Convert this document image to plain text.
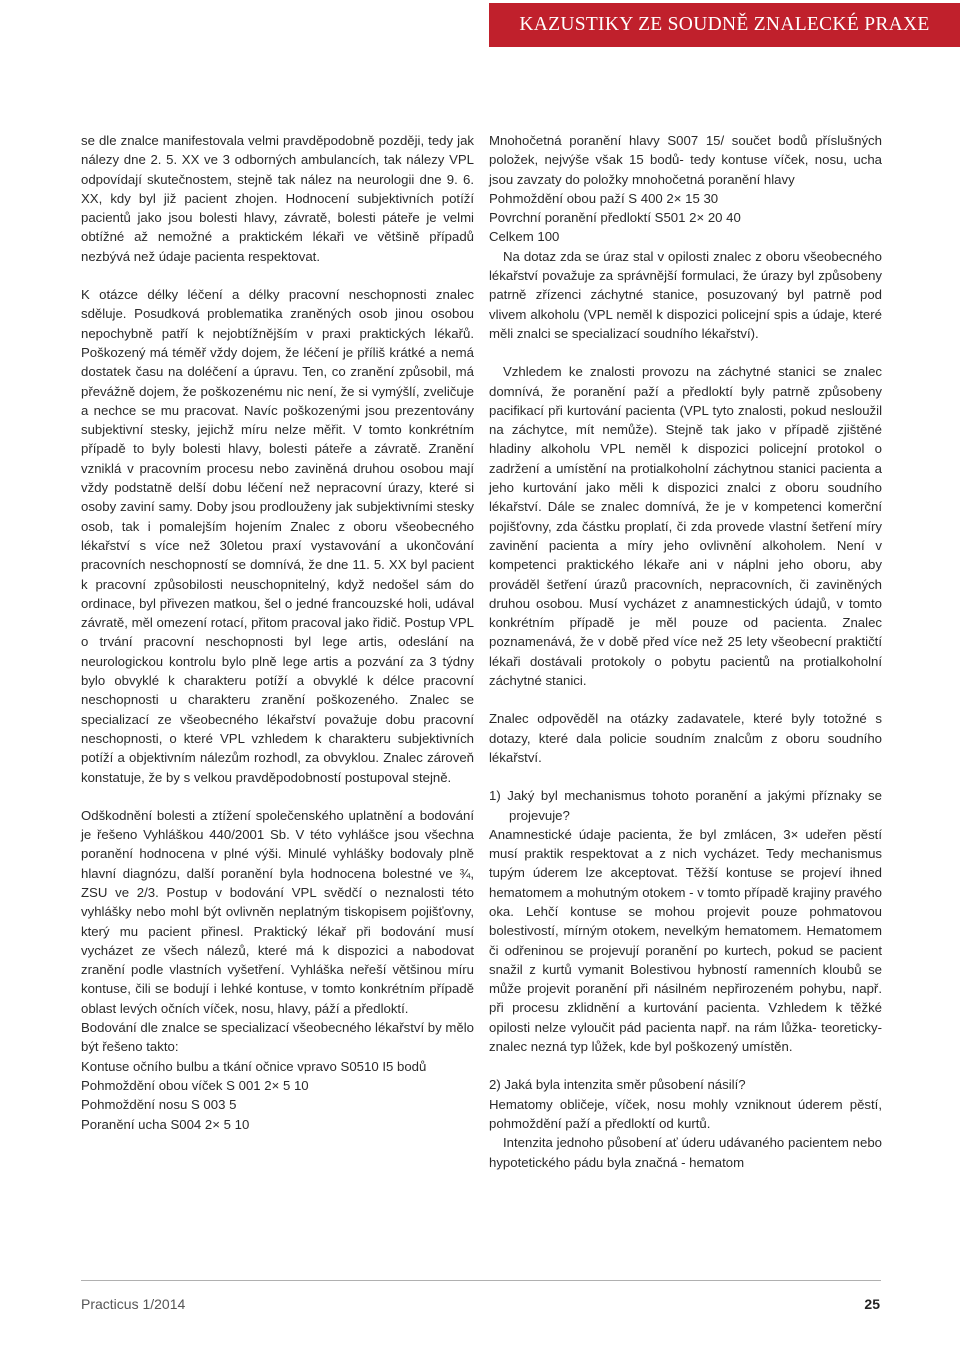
KAZUSTIKY ZE SOUDNĚ ZNALECKÉ PRAXE

se dle znalce manifestovala velmi pravděpodobně později, tedy jak nálezy dne 2. 5. XX ve 3 odborných ambulancích, tak nálezy VPL odpovídají skutečnostem, stejně tak nález na neurologii dne 9. 6. XX, kdy byl již pacient zhojen. Hodnocení subjektivních potíží pacientů jako jsou bolesti hlavy, závratě, bolesti páteře je velmi obtížné až nemožné a praktickém lékaři ve většině případů nezbývá než údaje pacienta respektovat.

K otázce délky léčení a délky pracovní neschopnosti znalec sděluje. Posudková problematika zraněných osob jinou osobou nepochybně patří k nejobtížnějším v praxi praktických lékařů. Poškozený má téměř vždy dojem, že léčení je příliš krátké a nemá dostatek času na doléčení a úpravu. Ten, co zranění způsobil, má převážně dojem, že poškozenému nic není, že si vymýšlí, zveličuje a nechce se mu pracovat. Navíc poškozenými jsou prezentovány subjektivní stesky, jejichž míru nelze měřit. V tomto konkrétním případě to byly bolesti hlavy, bolesti páteře a závratě. Zranění vzniklá v pracovním procesu nebo zaviněná druhou osobou mají vždy podstatně delší dobu léčení než nepracovní úrazy, které si osoby zaviní samy. Doby jsou prodlouženy jak subjektivními stesky osob, tak i pomalejším hojením Znalec z oboru všeobecného lékařství s více než 30letou praxí vystavování a ukončování pracovních neschopností se domnívá, že dne 11. 5. XX byl pacient k pracovní způsobilosti neuschopnitelný, když nedošel sám do ordinace, byl přivezen matkou, šel o jedné francouzské holi, udával závratě, měl omezení rotací, přitom pracoval jako řidič. Postup VPL o trvání pracovní neschopnosti byl lege artis, odeslání na neurologickou kontrolu bylo plně lege artis a pozvání za 3 týdny bylo obvyklé k charakteru potíží a obvyklé k délce pracovní neschopnosti u charakteru zranění poškozeného. Znalec se specializací ze všeobecného lékařství považuje dobu pracovní neschopnosti, o které VPL vzhledem k charakteru subjektivních potíží a objektivním nálezům rozhodl, za obvyklou. Znalec zároveň konstatuje, že by s velkou pravděpodobností postupoval stejně.

Odškodnění bolesti a ztížení společenského uplatnění a bodování je řešeno Vyhláškou 440/2001 Sb. V této vyhlášce jsou všechna poranění hodnocena v plné výši. Minulé vyhlášky bodovaly plně hlavní diagnózu, další poranění byla hodnocena bolestné ve ¾, ZSU ve 2/3. Postup v bodování VPL svědčí o neznalosti této vyhlášky nebo mohl být ovlivněn neplatným tiskopisem pojišťovny, který mu pacient přinesl. Praktický lékař při bodování musí vycházet ze všech nálezů, které má k dispozici a nabodovat zranění podle vlastních vyšetření. Vyhláška neřeší většinou míru kontuse, čili se bodují i lehké kontuse, v tomto konkrétním případě oblast levých očních víček, nosu, hlavy, páží a předloktí.

Bodování dle znalce se specializací všeobecného lékařství by mělo být řešeno takto:

Kontuse očního bulbu a tkání očnice vpravo S0510 I5 bodů

Pohmoždění obou víček S 001 2× 5 10

Pohmoždění nosu S 003 5

Poranění ucha S004 2× 5 10

Mnohočetná poranění hlavy S007 15/ součet bodů příslušných položek, nejvýše však 15 bodů- tedy kontuse víček, nosu, ucha jsou zavzaty do položky mnohočetná poranění hlavy

Pohmoždění obou paží S 400 2× 15 30

Povrchní poranění předloktí S501 2× 20 40

Celkem 100

Na dotaz zda se úraz stal v opilosti znalec z oboru všeobecného lékařství považuje za správnější formulaci, že úrazy byl způsobeny patrně zřízenci záchytné stanice, posuzovaný byl patrně pod vlivem alkoholu (VPL neměl k dispozici policejní spis a údaje, které měli znalci se specializací soudního lékařství).

Vzhledem ke znalosti provozu na záchytné stanici se znalec domnívá, že poranění paží a předloktí byly patrně způsobeny pacifikací při kurtování pacienta (VPL tyto znalosti, pokud nesloužil na záchytce, mít nemůže). Stejně tak jako v případě zjištěné hladiny alkoholu VPL neměl k dispozici policejní protokol o zadržení a umístění na protialkoholní záchytnou stanici pacienta a jeho kurtování jako měli k dispozici znalci z oboru soudního lékařství. Dále se znalec domnívá, že je v kompetenci komerční pojišťovny, zda částku proplatí, či zda provede vlastní šetření míry zavinění pacienta a míry jeho ovlivnění alkoholem. Není v kompetenci praktického lékaře ani v náplni jeho oboru, aby prováděl šetření úrazů pracovních, nepracovních, či zaviněných druhou osobou. Musí vycházet z anamnestických údajů, v tomto konkrétním případě je měl pouze od pacienta. Znalec poznamenává, že v době před více než 25 lety všeobecní praktičtí lékaři dostávali protokoly o pobytu pacientů na protialkoholní záchytné stanici.

Znalec odpověděl na otázky zadavatele, které byly totožné s dotazy, které dala policie soudním znalcům z oboru soudního lékařství.

1) Jaký byl mechanismus tohoto poranění a jakými příznaky se projevuje?

Anamnestické údaje pacienta, že byl zmlácen, 3× udeřen pěstí musí praktik respektovat a z nich vycházet. Tedy mechanismus tupým úderem lze akceptovat. Těžší kontuse se projeví ihned hematomem a mohutným otokem - v tomto případě krajiny pravého oka. Lehčí kontuse se mohou projevit pouze pohmatovou bolestivostí, mírným otokem, nevelkým hematomem. Hematomem či odřeninou se projevují poranění po kurtech, pokud se pacient snažil z kurtů vymanit Bolestivou hybností ramenních kloubů se může projevit poranění při násilném nepřirozeném pohybu, např. při procesu zklidnění a kurtování pacienta. Vzhledem k těžké opilosti nelze vyloučit pád pacienta např. na rám lůžka- teoreticky-znalec nezná typ lůžek, kde byl poškozený umístěn.

2) Jaká byla intenzita směr působení násilí?

Hematomy obličeje, víček, nosu mohly vzniknout úderem pěstí, pohmoždění paží a předloktí od kurtů.

Intenzita jednoho působení ať úderu udávaného pacientem nebo hypotetického pádu byla značná - hematom

Practicus 1/2014	25
